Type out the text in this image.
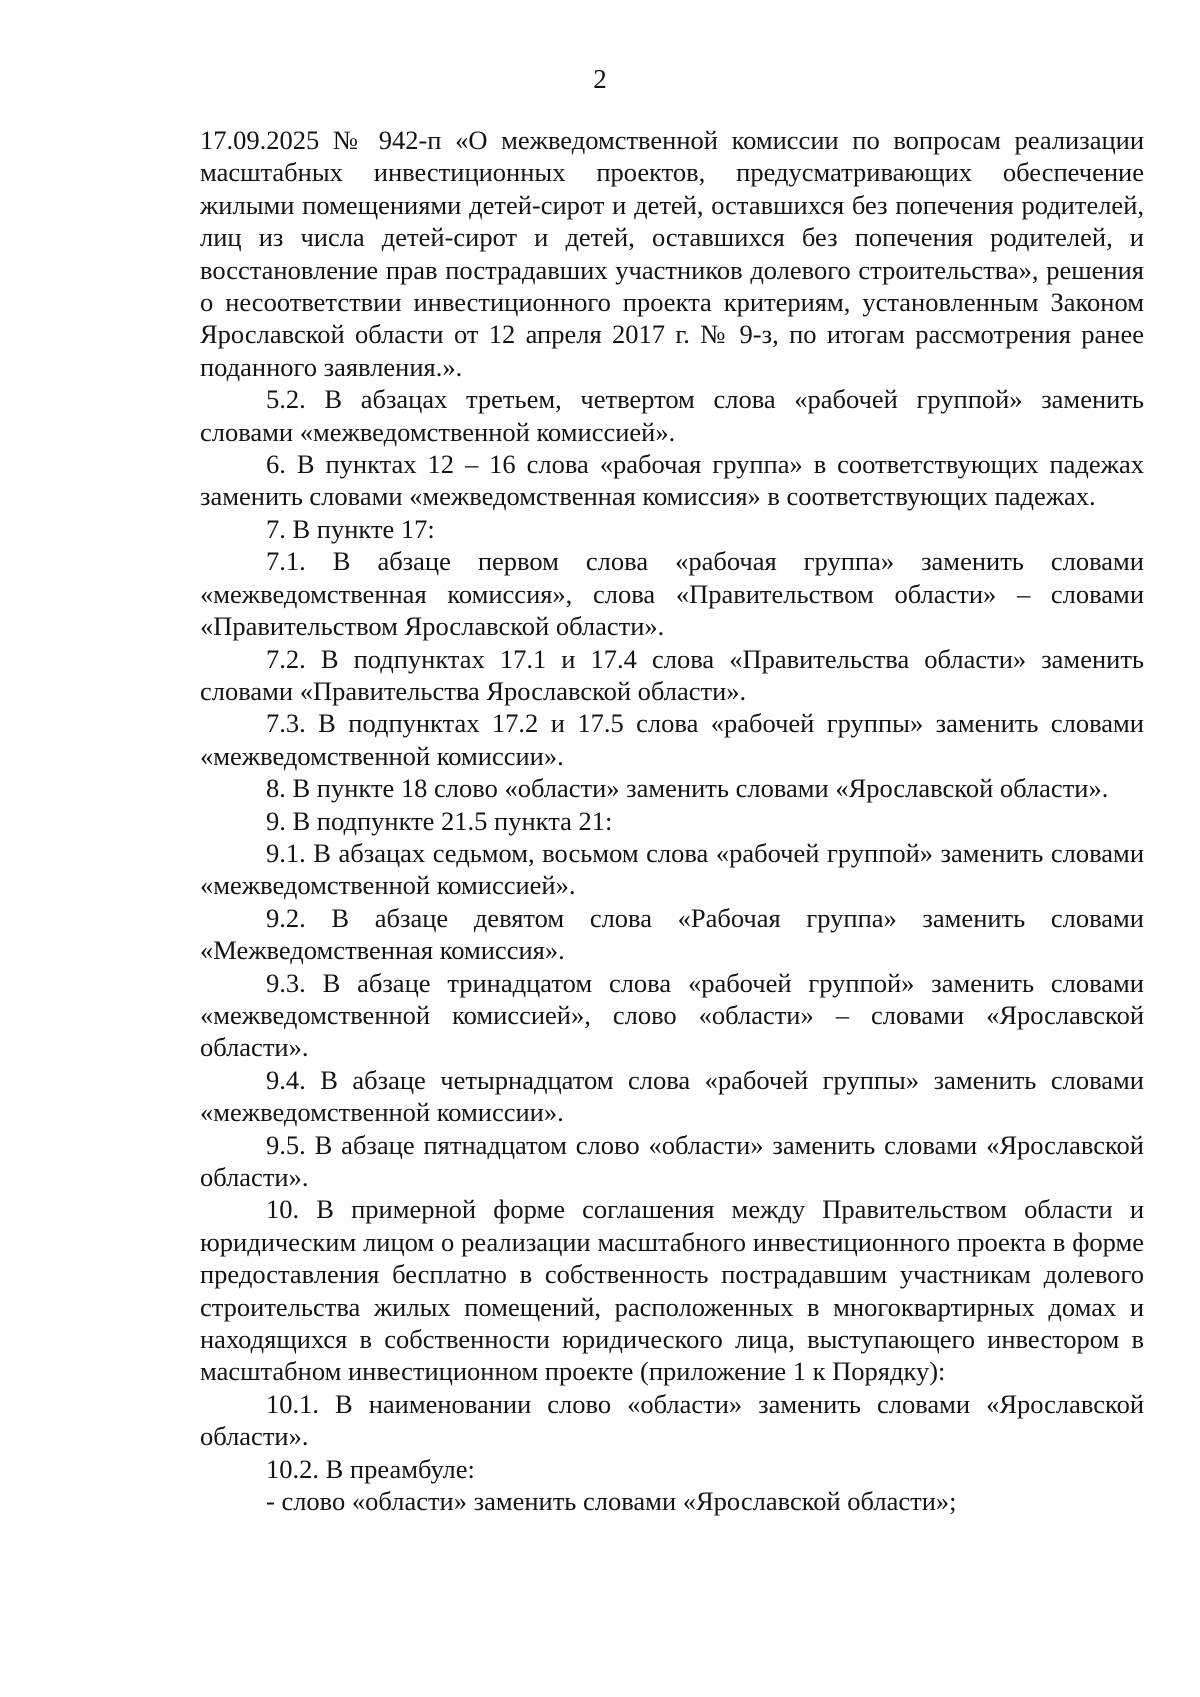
2

17.09.2025 № 942-п «О межведомственной комиссии по вопросам реализации масштабных инвестиционных проектов, предусматривающих обеспечение жилыми помещениями детей-сирот и детей, оставшихся без попечения родителей, лиц из числа детей-сирот и детей, оставшихся без попечения родителей, и восстановление прав пострадавших участников долевого строительства», решения о несоответствии инвестиционного проекта критериям, установленным Законом Ярославской области от 12 апреля 2017 г. № 9-з, по итогам рассмотрения ранее поданного заявления.».

5.2. В абзацах третьем, четвертом слова «рабочей группой» заменить словами «межведомственной комиссией».

6. В пунктах 12 – 16 слова «рабочая группа» в соответствующих падежах заменить словами «межведомственная комиссия» в соответствующих падежах.

7. В пункте 17:

7.1. В абзаце первом слова «рабочая группа» заменить словами «межведомственная комиссия», слова «Правительством области» – словами «Правительством Ярославской области».

7.2. В подпунктах 17.1 и 17.4 слова «Правительства области» заменить словами «Правительства Ярославской области».

7.3. В подпунктах 17.2 и 17.5 слова «рабочей группы» заменить словами «межведомственной комиссии».

8. В пункте 18 слово «области» заменить словами «Ярославской области».

9. В подпункте 21.5 пункта 21:

9.1. В абзацах седьмом, восьмом слова «рабочей группой» заменить словами «межведомственной комиссией».

9.2. В абзаце девятом слова «Рабочая группа» заменить словами «Межведомственная комиссия».

9.3. В абзаце тринадцатом слова «рабочей группой» заменить словами «межведомственной комиссией», слово «области» – словами «Ярославской области».

9.4. В абзаце четырнадцатом слова «рабочей группы» заменить словами «межведомственной комиссии».

9.5. В абзаце пятнадцатом слово «области» заменить словами «Ярославской области».

10. В примерной форме соглашения между Правительством области и юридическим лицом о реализации масштабного инвестиционного проекта в форме предоставления бесплатно в собственность пострадавшим участникам долевого строительства жилых помещений, расположенных в многоквартирных домах и находящихся в собственности юридического лица, выступающего инвестором в масштабном инвестиционном проекте (приложение 1 к Порядку):

10.1. В наименовании слово «области» заменить словами «Ярославской области».

10.2. В преамбуле:

- слово «области» заменить словами «Ярославской области»;
